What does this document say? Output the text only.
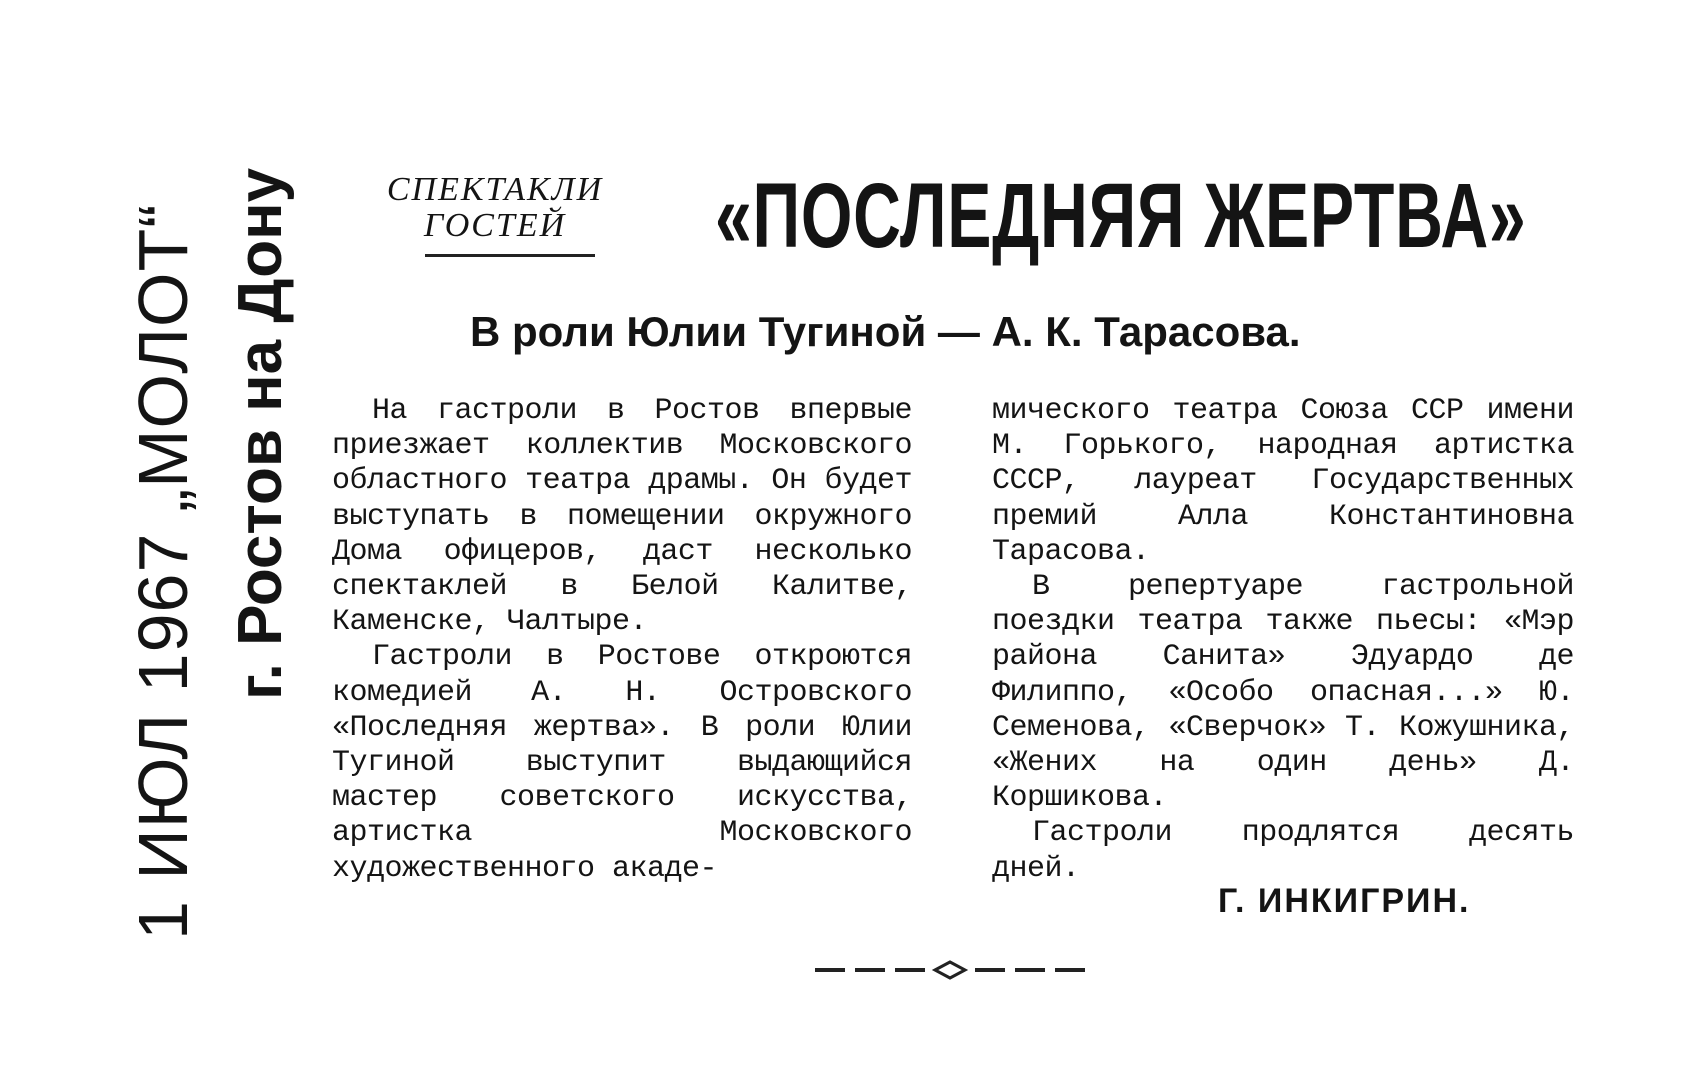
1 ИЮЛ 1967 „МОЛОТ“ г. Ростов на Дону	СПЕКТАКЛИ
ГОСТЕЙ	«ПОСЛЕДНЯЯ ЖЕРТВА»
В роли Юлии Тугиной — А. К. Тарасова.

На гастроли в Ростов впервые приезжает коллектив Московского областного театра драмы. Он будет выступать в помещении окружного Дома офицеров, даст несколько спектаклей в Белой Калитве, Каменске, Чалтыре.

Гастроли в Ростове откроются комедией А. Н. Островского «Последняя жертва». В роли Юлии Тугиной выступит выдающийся мастер советского искусства, артистка Московского художественного акаде-

мического театра Союза ССР имени М. Горького, народная артистка СССР, лауреат Государственных премий Алла Константиновна Тарасова.

В репертуаре гастрольной поездки театра также пьесы: «Мэр района Санита» Эдуардо де Филиппо, «Особо опасная...» Ю. Семенова, «Сверчок» Т. Кожушника, «Жених на один день» Д. Коршикова.

Гастроли продлятся десять дней.

Г. ИНКИГРИН.
